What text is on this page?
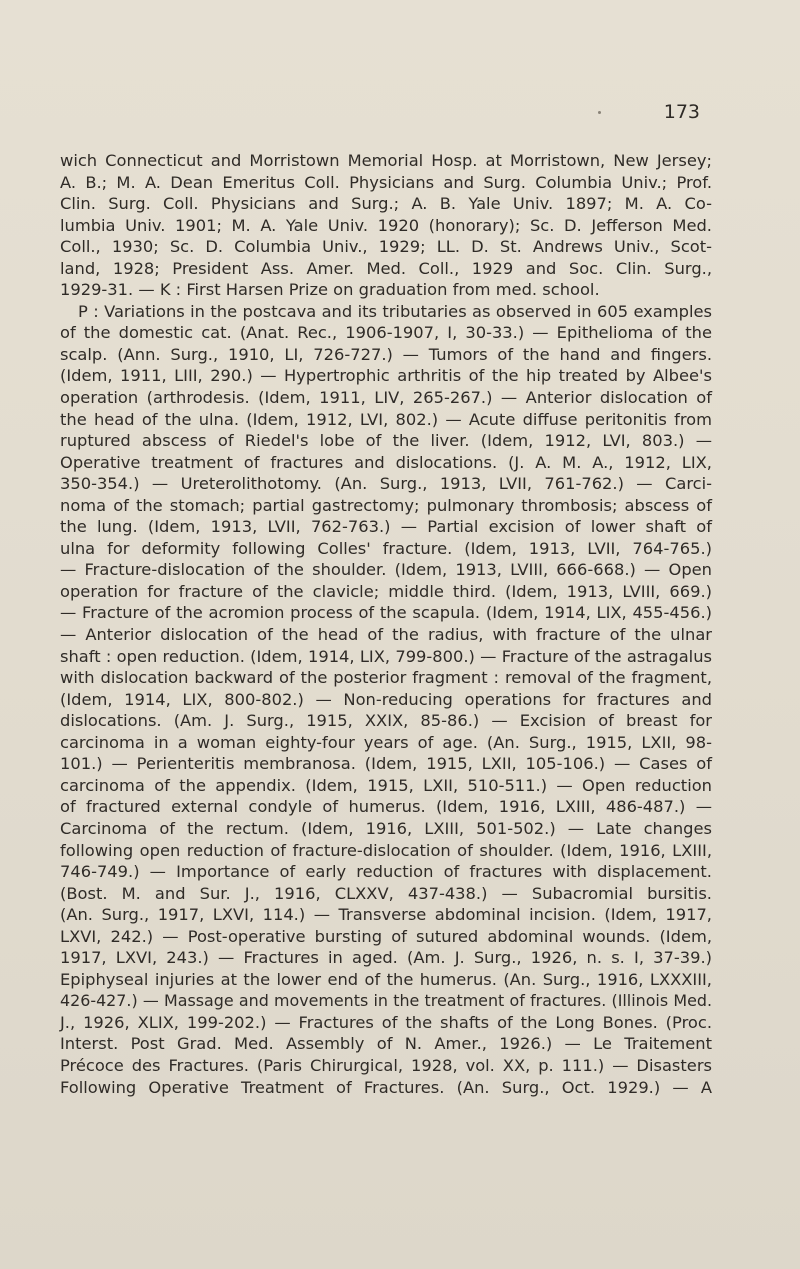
173
wich Connecticut and Morristown Memorial Hosp. at Morristown, New Jersey;
A. B.; M. A. Dean Emeritus Coll. Physicians and Surg. Columbia Univ.; Prof.
Clin. Surg. Coll. Physicians and Surg.; A. B. Yale Univ. 1897; M. A. Co-
lumbia Univ. 1901; M. A. Yale Univ. 1920 (honorary); Sc. D. Jefferson Med.
Coll., 1930; Sc. D. Columbia Univ., 1929; LL. D. St. Andrews Univ., Scot-
land, 1928; President Ass. Amer. Med. Coll., 1929 and Soc. Clin. Surg.,
1929-31. — K : First Harsen Prize on graduation from med. school.
P : Variations in the postcava and its tributaries as observed in 605 examples
of the domestic cat. (Anat. Rec., 1906-1907, I, 30-33.) — Epithelioma of the
scalp. (Ann. Surg., 1910, LI, 726-727.) — Tumors of the hand and fingers.
(Idem, 1911, LIII, 290.) — Hypertrophic arthritis of the hip treated by Albee's
operation (arthrodesis. (Idem, 1911, LIV, 265-267.) — Anterior dislocation of
the head of the ulna. (Idem, 1912, LVI, 802.) — Acute diffuse peritonitis from
ruptured abscess of Riedel's lobe of the liver. (Idem, 1912, LVI, 803.) —
Operative treatment of fractures and dislocations. (J. A. M. A., 1912, LIX,
350-354.) — Ureterolithotomy. (An. Surg., 1913, LVII, 761-762.) — Carci-
noma of the stomach; partial gastrectomy; pulmonary thrombosis; abscess of
the lung. (Idem, 1913, LVII, 762-763.) — Partial excision of lower shaft of
ulna for deformity following Colles' fracture. (Idem, 1913, LVII, 764-765.)
— Fracture-dislocation of the shoulder. (Idem, 1913, LVIII, 666-668.) — Open
operation for fracture of the clavicle; middle third. (Idem, 1913, LVIII, 669.)
— Fracture of the acromion process of the scapula. (Idem, 1914, LIX, 455-456.)
— Anterior dislocation of the head of the radius, with fracture of the ulnar
shaft : open reduction. (Idem, 1914, LIX, 799-800.) — Fracture of the astragalus
with dislocation backward of the posterior fragment : removal of the fragment,
(Idem, 1914, LIX, 800-802.) — Non-reducing operations for fractures and
dislocations. (Am. J. Surg., 1915, XXIX, 85-86.) — Excision of breast for
carcinoma in a woman eighty-four years of age. (An. Surg., 1915, LXII, 98-
101.) — Perienteritis membranosa. (Idem, 1915, LXII, 105-106.) — Cases of
carcinoma of the appendix. (Idem, 1915, LXII, 510-511.) — Open reduction
of fractured external condyle of humerus. (Idem, 1916, LXIII, 486-487.) —
Carcinoma of the rectum. (Idem, 1916, LXIII, 501-502.) — Late changes
following open reduction of fracture-dislocation of shoulder. (Idem, 1916, LXIII,
746-749.) — Importance of early reduction of fractures with displacement.
(Bost. M. and Sur. J., 1916, CLXXV, 437-438.) — Subacromial bursitis.
(An. Surg., 1917, LXVI, 114.) — Transverse abdominal incision. (Idem, 1917,
LXVI, 242.) — Post-operative bursting of sutured abdominal wounds. (Idem,
1917, LXVI, 243.) — Fractures in aged. (Am. J. Surg., 1926, n. s. I, 37-39.)
Epiphyseal injuries at the lower end of the humerus. (An. Surg., 1916, LXXXIII,
426-427.) — Massage and movements in the treatment of fractures. (Illinois Med.
J., 1926, XLIX, 199-202.) — Fractures of the shafts of the Long Bones. (Proc.
Interst. Post Grad. Med. Assembly of N. Amer., 1926.) — Le Traitement
Précoce des Fractures. (Paris Chirurgical, 1928, vol. XX, p. 111.) — Disasters
Following Operative Treatment of Fractures. (An. Surg., Oct. 1929.) — A
